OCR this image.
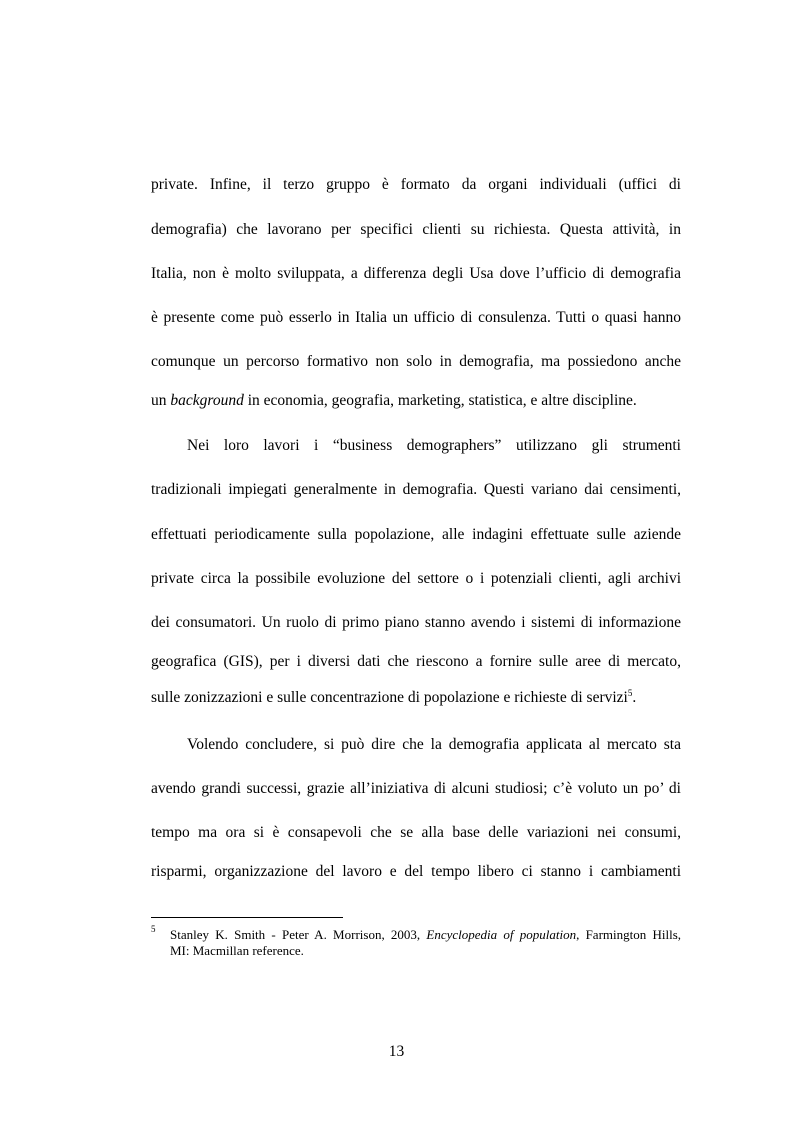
private. Infine, il terzo gruppo è formato da organi individuali (uffici di
demografia) che lavorano per specifici clienti su richiesta. Questa attività, in
Italia, non è molto sviluppata, a differenza degli Usa dove l’ufficio di demografia
è presente come può esserlo in Italia un ufficio di consulenza. Tutti o quasi hanno
comunque un percorso formativo non solo in demografia, ma possiedono anche
un background in economia, geografia, marketing, statistica, e altre discipline.
Nei loro lavori i “business demographers” utilizzano gli strumenti
tradizionali impiegati generalmente in demografia. Questi variano dai censimenti,
effettuati periodicamente sulla popolazione, alle indagini effettuate sulle aziende
private circa la possibile evoluzione del settore o i potenziali clienti, agli archivi
dei consumatori. Un ruolo di primo piano stanno avendo i sistemi di informazione
geografica (GIS), per i diversi dati che riescono a fornire sulle aree di mercato,
sulle zonizzazioni e sulle concentrazione di popolazione e richieste di servizi$^5$.
Volendo concludere, si può dire che la demografia applicata al mercato sta
avendo grandi successi, grazie all’iniziativa di alcuni studiosi; c’è voluto un po’ di
tempo ma ora si è consapevoli che se alla base delle variazioni nei consumi,
risparmi, organizzazione del lavoro e del tempo libero ci stanno i cambiamenti
5 Stanley K. Smith - Peter A. Morrison, 2003, Encyclopedia of population, Farmington Hills,
MI: Macmillan reference.
13
